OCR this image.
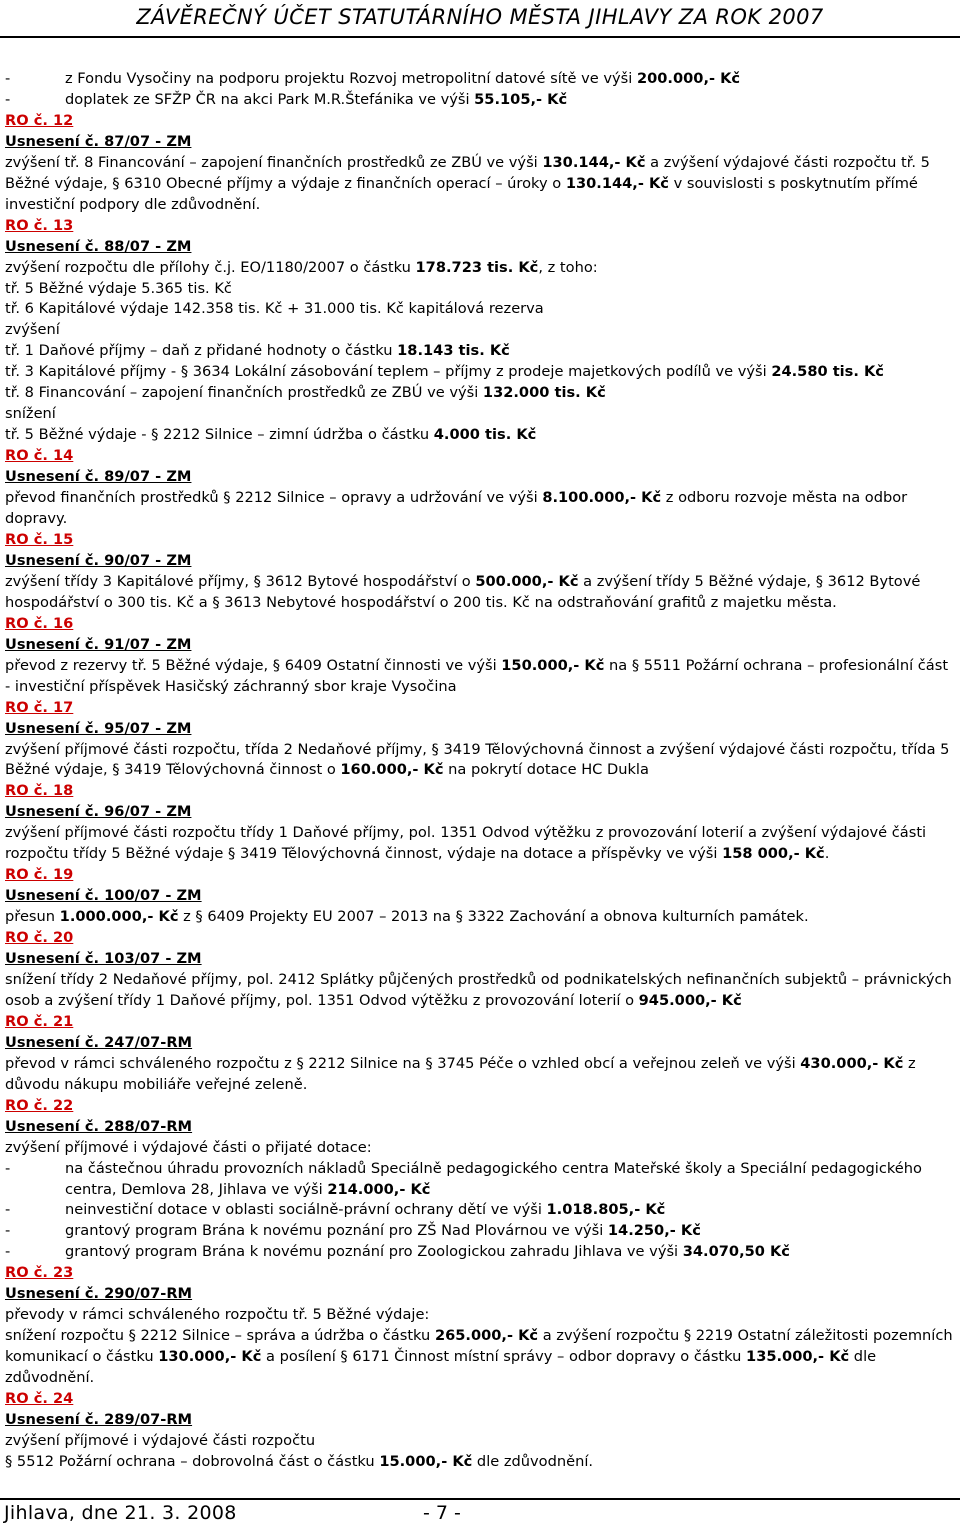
ZÁVĚREČNÝ ÚČET STATUTÁRNÍHO MĚSTA JIHLAVY ZA ROK 2007
-	z Fondu Vysočiny na podporu projektu Rozvoj metropolitní datové sítě ve výši 200.000,- Kč
-	doplatek ze SFŽP ČR na akci Park M.R.Štefánika ve výši 55.105,- Kč
RO č. 12
Usnesení č. 87/07 - ZM
zvýšení tř. 8 Financování – zapojení finančních prostředků ze ZBÚ ve výši 130.144,- Kč a zvýšení výdajové části rozpočtu tř. 5 Běžné výdaje, § 6310 Obecné příjmy a výdaje z finančních operací – úroky o 130.144,- Kč v souvislosti s poskytnutím přímé investiční podpory dle zdůvodnění.
RO č. 13
Usnesení č. 88/07 - ZM
zvýšení rozpočtu dle přílohy č.j. EO/1180/2007 o částku 178.723 tis. Kč, z toho:
tř. 5 Běžné výdaje 5.365 tis. Kč
tř. 6 Kapitálové výdaje 142.358 tis. Kč + 31.000 tis. Kč kapitálová rezerva
zvýšení
tř. 1 Daňové příjmy – daň z přidané hodnoty o částku 18.143 tis. Kč
tř. 3 Kapitálové příjmy - § 3634 Lokální zásobování teplem – příjmy z prodeje majetkových podílů ve výši 24.580 tis. Kč
tř. 8 Financování – zapojení finančních prostředků ze ZBÚ ve výši 132.000 tis. Kč
snížení
tř. 5 Běžné výdaje - § 2212 Silnice – zimní údržba o částku 4.000 tis. Kč
RO č. 14
Usnesení č. 89/07 - ZM
převod finančních prostředků § 2212 Silnice – opravy a udržování ve výši 8.100.000,- Kč z odboru rozvoje města na odbor dopravy.
RO č. 15
Usnesení č. 90/07 - ZM
zvýšení třídy 3 Kapitálové příjmy, § 3612 Bytové hospodářství o 500.000,- Kč a zvýšení třídy 5 Běžné výdaje, § 3612 Bytové hospodářství o 300 tis. Kč a § 3613 Nebytové hospodářství o 200 tis. Kč na odstraňování grafitů z majetku města.
RO č. 16
Usnesení č. 91/07 - ZM
převod z rezervy tř. 5 Běžné výdaje, § 6409 Ostatní činnosti ve výši 150.000,- Kč na § 5511 Požární ochrana – profesionální část - investiční příspěvek Hasičský záchranný sbor kraje Vysočina
RO č. 17
Usnesení č. 95/07 - ZM
zvýšení příjmové části rozpočtu, třída 2 Nedaňové příjmy, § 3419 Tělovýchovná činnost a zvýšení výdajové části rozpočtu, třída 5 Běžné výdaje, § 3419 Tělovýchovná činnost o 160.000,- Kč na pokrytí dotace HC Dukla
RO č. 18
Usnesení č. 96/07 - ZM
zvýšení příjmové části rozpočtu třídy 1 Daňové příjmy, pol. 1351 Odvod výtěžku z provozování loterií a zvýšení výdajové části rozpočtu třídy 5 Běžné výdaje § 3419 Tělovýchovná činnost, výdaje na dotace a příspěvky ve výši 158 000,- Kč.
RO č. 19
Usnesení č. 100/07 - ZM
přesun 1.000.000,- Kč z § 6409 Projekty EU 2007 – 2013 na § 3322 Zachování a obnova kulturních památek.
RO č. 20
Usnesení č. 103/07 - ZM
snížení třídy 2 Nedaňové příjmy, pol. 2412 Splátky půjčených prostředků od podnikatelských nefinančních subjektů – právnických osob a zvýšení třídy 1 Daňové příjmy, pol. 1351 Odvod výtěžku z provozování loterií o 945.000,- Kč
RO č. 21
Usnesení č. 247/07-RM
převod v rámci schváleného rozpočtu z § 2212 Silnice na § 3745 Péče o vzhled obcí a veřejnou zeleň ve výši 430.000,- Kč z důvodu nákupu mobiliáře veřejné zeleně.
RO č. 22
Usnesení č. 288/07-RM
zvýšení příjmové i výdajové části o přijaté dotace:
-	na částečnou úhradu provozních nákladů Speciálně pedagogického centra Mateřské školy a Speciální pedagogického centra, Demlova 28, Jihlava ve výši 214.000,- Kč
-	neinvestiční dotace v oblasti sociálně-právní ochrany dětí ve výši 1.018.805,- Kč
-	grantový program Brána k novému poznání pro ZŠ Nad Plovárnou ve výši 14.250,- Kč
-	grantový program Brána k novému poznání pro Zoologickou zahradu Jihlava ve výši 34.070,50 Kč
RO č. 23
Usnesení č. 290/07-RM
převody v rámci schváleného rozpočtu tř. 5 Běžné výdaje:
snížení rozpočtu § 2212 Silnice – správa a údržba o částku 265.000,- Kč a zvýšení rozpočtu § 2219 Ostatní záležitosti pozemních komunikací o částku 130.000,- Kč a posílení § 6171 Činnost místní správy – odbor dopravy o částku 135.000,- Kč dle zdůvodnění.
RO č. 24
Usnesení č. 289/07-RM
zvýšení příjmové i výdajové části rozpočtu
§ 5512 Požární ochrana – dobrovolná část o částku 15.000,- Kč dle zdůvodnění.
Jihlava, dne 21. 3. 2008	- 7 -
